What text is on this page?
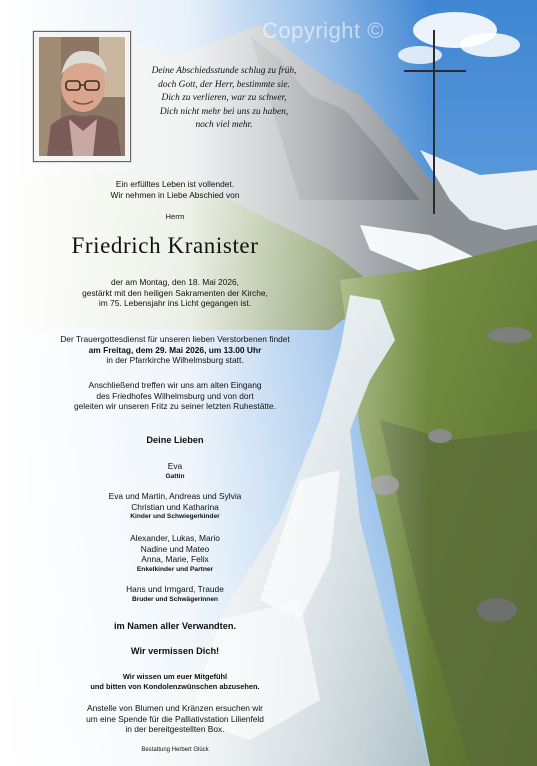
Copyright ©
Deine Abschiedsstunde schlug zu früh,
doch Gott, der Herr, bestimmte sie.
Dich zu verlieren, war zu schwer,
Dich nicht mehr bei uns zu haben,
noch viel mehr.
Ein erfülltes Leben ist vollendet.
Wir nehmen in Liebe Abschied von
Herrn
Friedrich Kranister
der am Montag, den 18. Mai 2026,
gestärkt mit den heiligen Sakramenten der Kirche,
im 75. Lebensjahr ins Licht gegangen ist.
Der Trauergottesdienst für unseren lieben Verstorbenen findet
am Freitag, dem 29. Mai 2026, um 13.00 Uhr
in der Pfarrkirche Wilhelmsburg statt.
Anschließend treffen wir uns am alten Eingang
des Friedhofes Wilhelmsburg und von dort
geleiten wir unseren Fritz zu seiner letzten Ruhestätte.
Deine Lieben
Eva
Gattin
Eva und Martin, Andreas und Sylvia
Christian und Katharina
Kinder und Schwiegerkinder
Alexander, Lukas, Mario
Nadine und Mateo
Anna, Marie, Felix
Enkelkinder und Partner
Hans und Irmgard, Traude
Bruder und Schwägerinnen
im Namen aller Verwandten.
Wir vermissen Dich!
Wir wissen um euer Mitgefühl
und bitten von Kondolenzwünschen abzusehen.
Anstelle von Blumen und Kränzen ersuchen wir
um eine Spende für die Palliativstation Lilienfeld
in der bereitgestellten Box.
Bestattung Herbert Glück
